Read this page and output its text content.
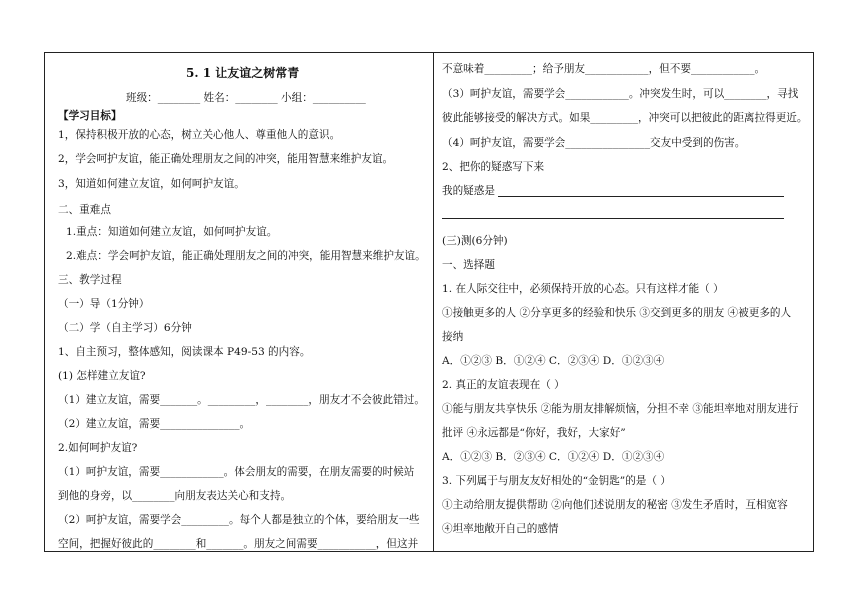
5. 1 让友谊之树常青
班级：________ 姓名：________ 小组：__________
【学习目标】
1，保持积极开放的心态，树立关心他人、尊重他人的意识。
2，学会呵护友谊，能正确处理朋友之间的冲突，能用智慧来维护友谊。
3，知道如何建立友谊，如何呵护友谊。
二、重难点
1.重点：知道如何建立友谊，如何呵护友谊。
2.难点：学会呵护友谊，能正确处理朋友之间的冲突，能用智慧来维护友谊。
三、教学过程
（一）导（1分钟）
（二）学（自主学习）6分钟
1、自主预习，整体感知，阅读课本 P49-53 的内容。
(1) 怎样建立友谊?
（1）建立友谊，需要_______。_________，________，朋友才不会彼此错过。
（2）建立友谊，需要_______________。
2.如何呵护友谊?
（1）呵护友谊，需要____________。体会朋友的需要，在朋友需要的时候站
到他的身旁，以________向朋友表达关心和支持。
（2）呵护友谊，需要学会_________。每个人都是独立的个体，要给朋友一些
空间，把握好彼此的________和_______。朋友之间需要___________，但这并
不意味着_________；给予朋友____________，但不要____________。
（3）呵护友谊，需要学会____________。冲突发生时，可以________，寻找
彼此能够接受的解决方式。如果_________，冲突可以把彼此的距离拉得更近。
（4）呵护友谊，需要学会________________交友中受到的伤害。
2、把你的疑惑写下来
我的疑惑是
(三)测(6分钟)
一、选择题
1. 在人际交往中，必须保持开放的心态。只有这样才能（ ）
①接触更多的人 ②分享更多的经验和快乐 ③交到更多的朋友 ④被更多的人
接纳
A．①②③ B．①②④ C．②③④ D．①②③④
2. 真正的友谊表现在（ ）
①能与朋友共享快乐 ②能为朋友排解烦恼，分担不幸 ③能坦率地对朋友进行
批评 ④永远都是“你好，我好，大家好”
A．①②③ B．②③④ C．①②④ D．①②③④
3. 下列属于与朋友友好相处的“金钥匙”的是（ ）
①主动给朋友提供帮助 ②向他们述说朋友的秘密 ③发生矛盾时，互相宽容
④坦率地敞开自己的感情
